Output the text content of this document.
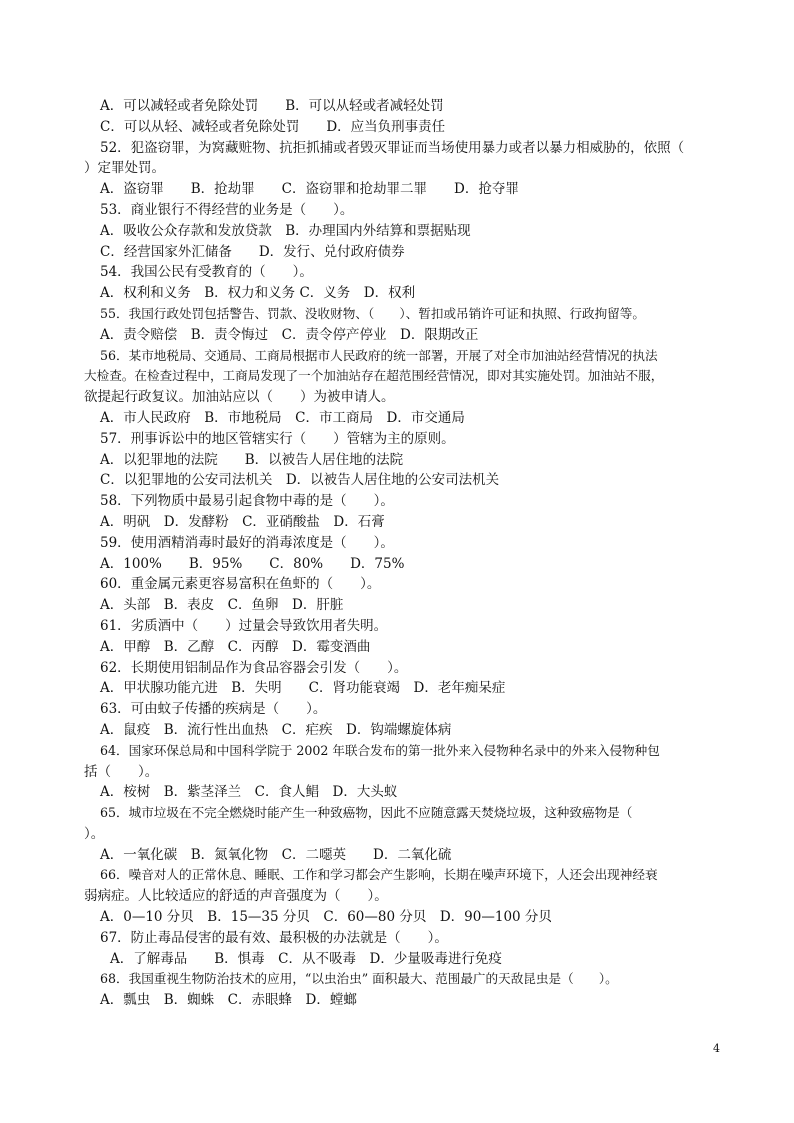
A．可以减轻或者免除处罚　　B．可以从轻或者减轻处罚
C．可以从轻、减轻或者免除处罚　　D．应当负刑事责任
52．犯盗窃罪，为窝藏赃物、抗拒抓捕或者毁灭罪证而当场使用暴力或者以暴力相威胁的，依照（
）定罪处罚。
A．盗窃罪　　B．抢劫罪　　C．盗窃罪和抢劫罪二罪　　D．抢夺罪
53．商业银行不得经营的业务是（　　）。
A．吸收公众存款和发放贷款　B．办理国内外结算和票据贴现
C．经营国家外汇储备　　D．发行、兑付政府债券
54．我国公民有受教育的（　　）。
A．权利和义务　B．权力和义务 C．义务　D．权利
55．我国行政处罚包括警告、罚款、没收财物、（　　）、暂扣或吊销许可证和执照、行政拘留等。
A．责令赔偿　B．责令悔过　C．责令停产停业　D．限期改正
56．某市地税局、交通局、工商局根据市人民政府的统一部署，开展了对全市加油站经营情况的执法
大检查。在检查过程中，工商局发现了一个加油站存在超范围经营情况，即对其实施处罚。加油站不服，
欲提起行政复议。加油站应以（　　）为被申请人。
A．市人民政府　B．市地税局　C．市工商局　D．市交通局
57．刑事诉讼中的地区管辖实行（　　）管辖为主的原则。
A．以犯罪地的法院　　B．以被告人居住地的法院
C．以犯罪地的公安司法机关　D．以被告人居住地的公安司法机关
58．下列物质中最易引起食物中毒的是（　　）。
A．明矾　D．发酵粉　C．亚硝酸盐　D．石膏
59．使用酒精消毒时最好的消毒浓度是（　　）。
A．100%　　B．95%　　C．80%　　D．75%
60．重金属元素更容易富积在鱼虾的（　　）。
A．头部　B．表皮　C．鱼卵　D．肝脏
61．劣质酒中（　　）过量会导致饮用者失明。
A．甲醇　B．乙醇　C．丙醇　D．霉变酒曲
62．长期使用铝制品作为食品容器会引发（　　）。
A．甲状腺功能亢进　B．失明　　C．肾功能衰竭　D．老年痴呆症
63．可由蚊子传播的疾病是（　　）。
A．鼠疫　B．流行性出血热　C．疟疾　D．钩端螺旋体病
64．国家环保总局和中国科学院于 2002 年联合发布的第一批外来入侵物种名录中的外来入侵物种包
括（　　）。
A．桉树　B．紫茎泽兰　C．食人鲳　D．大头蚁
65．城市垃圾在不完全燃烧时能产生一种致癌物，因此不应随意露天焚烧垃圾，这种致癌物是（
）。
A．一氧化碳　B．氮氧化物　C．二噁英　　D．二氧化硫
66．噪音对人的正常休息、睡眠、工作和学习都会产生影响，长期在噪声环境下，人还会出现神经衰
弱病症。人比较适应的舒适的声音强度为（　　）。
A．0—10 分贝　B．15—35 分贝　C．60—80 分贝　D．90—100 分贝
67．防止毒品侵害的最有效、最积极的办法就是（　　）。
A．了解毒品　　B．惧毒　C．从不吸毒　D．少量吸毒进行免疫
68．我国重视生物防治技术的应用，“以虫治虫” 面积最大、范围最广的天敌昆虫是（　　）。
A．瓢虫　B．蜘蛛　C．赤眼蜂　D．螳螂
4
